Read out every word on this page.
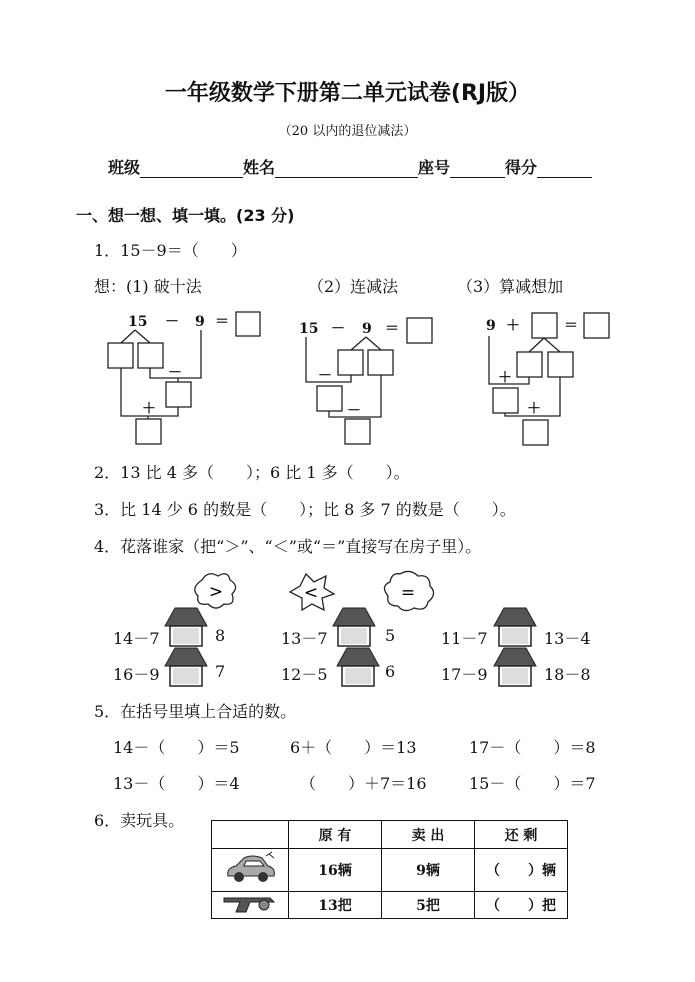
一年级数学下册第二单元试卷(RJ版）
（20 以内的退位减法）
班级	姓名	座号	得分
一、想一想、填一填。(23 分)
1．15－9＝（　　）
想： (1) 破十法	（2）连减法	（3）算减想加
15 － 9 ＝
－
＋
15 － 9 ＝
－
－
9 ＋	＝
＋
＋
2．13 比 4 多（　　）；6 比 1 多（　　）。
3．比 14 少 6 的数是（　　）；比 8 多 7 的数是（　　）。
4．花落谁家（把“＞”、“＜”或“＝”直接写在房子里）。
>	<	=
14－7	8	13－7	5	11－7	13－4
16－9	7	12－5	6	17－9	18－8
5．在括号里填上合适的数。
14－（　　）＝5	6＋（　　）＝13	17－（　　）＝8
13－（　　）＝4	（　　）＋7＝16	15－（　　）＝7
6．卖玩具。
	原 有	卖 出	还 剩
	16辆	9辆	（　　）辆
	13把	5把	（　　）把
